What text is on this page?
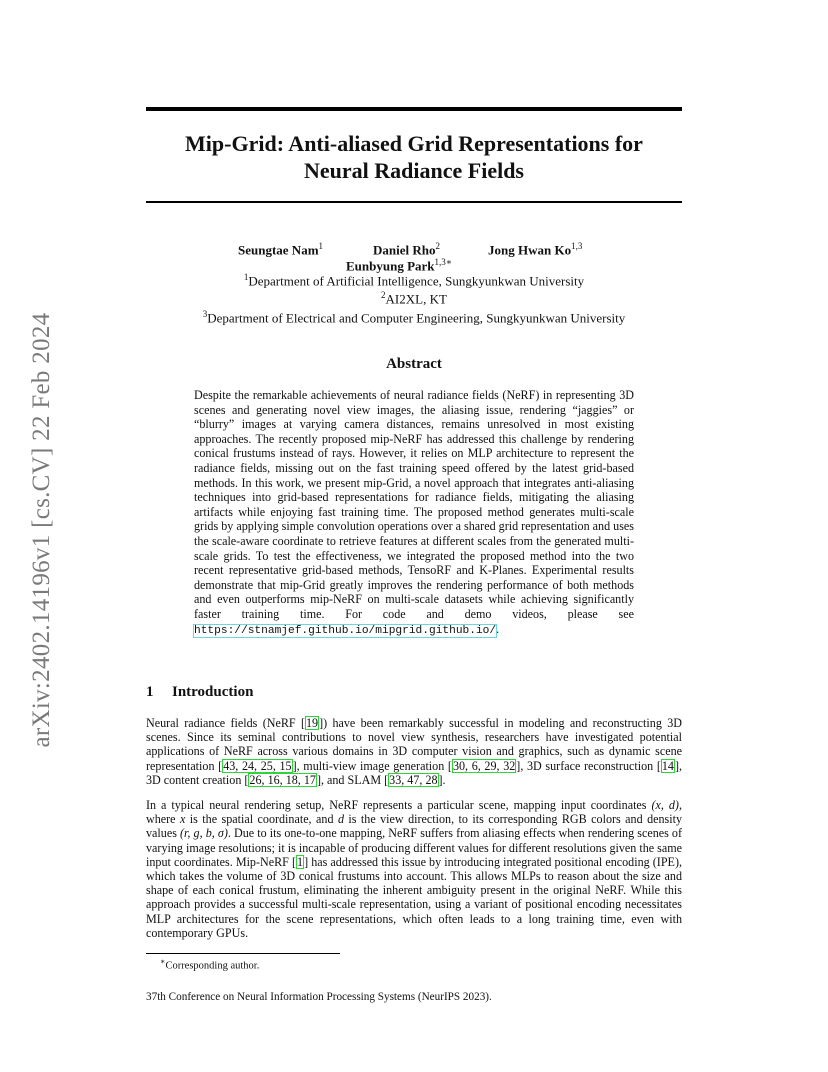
arXiv:2402.14196v1 [cs.CV] 22 Feb 2024
Mip-Grid: Anti-aliased Grid Representations for
Neural Radiance Fields
Seungtae Nam$^1$	Daniel Rho$^2$	Jong Hwan Ko$^{1,3}$
Eunbyung Park$^{1,3∗}$
$^1$Department of Artificial Intelligence, Sungkyunkwan University
$^2$AI2XL, KT
$^3$Department of Electrical and Computer Engineering, Sungkyunkwan University
Abstract
Despite the remarkable achievements of neural radiance fields (NeRF) in representing 3D scenes and generating novel view images, the aliasing issue, rendering “jaggies” or “blurry” images at varying camera distances, remains unresolved in most existing approaches. The recently proposed mip-NeRF has addressed this challenge by rendering conical frustums instead of rays. However, it relies on MLP architecture to represent the radiance fields, missing out on the fast training speed offered by the latest grid-based methods. In this work, we present mip-Grid, a novel approach that integrates anti-aliasing techniques into grid-based representations for radiance fields, mitigating the aliasing artifacts while enjoying fast training time. The proposed method generates multi-scale grids by applying simple convolution operations over a shared grid representation and uses the scale-aware coordinate to retrieve features at different scales from the generated multi-scale grids. To test the effectiveness, we integrated the proposed method into the two recent representative grid-based methods, TensoRF and K-Planes. Experimental results demonstrate that mip-Grid greatly improves the rendering performance of both methods and even outperforms mip-NeRF on multi-scale datasets while achieving significantly faster training time. For code and demo videos, please see https://stnamjef.github.io/mipgrid.github.io/.
1 Introduction
Neural radiance fields (NeRF [19]) have been remarkably successful in modeling and reconstructing 3D scenes. Since its seminal contributions to novel view synthesis, researchers have investigated potential applications of NeRF across various domains in 3D computer vision and graphics, such as dynamic scene representation [43, 24, 25, 15], multi-view image generation [30, 6, 29, 32], 3D surface reconstruction [14], 3D content creation [26, 16, 18, 17], and SLAM [33, 47, 28].
In a typical neural rendering setup, NeRF represents a particular scene, mapping input coordinates (x, d), where x is the spatial coordinate, and d is the view direction, to its corresponding RGB colors and density values (r, g, b, σ). Due to its one-to-one mapping, NeRF suffers from aliasing effects when rendering scenes of varying image resolutions; it is incapable of producing different values for different resolutions given the same input coordinates. Mip-NeRF [1] has addressed this issue by introducing integrated positional encoding (IPE), which takes the volume of 3D conical frustums into account. This allows MLPs to reason about the size and shape of each conical frustum, eliminating the inherent ambiguity present in the original NeRF. While this approach provides a successful multi-scale representation, using a variant of positional encoding necessitates MLP architectures for the scene representations, which often leads to a long training time, even with contemporary GPUs.
∗Corresponding author.
37th Conference on Neural Information Processing Systems (NeurIPS 2023).
